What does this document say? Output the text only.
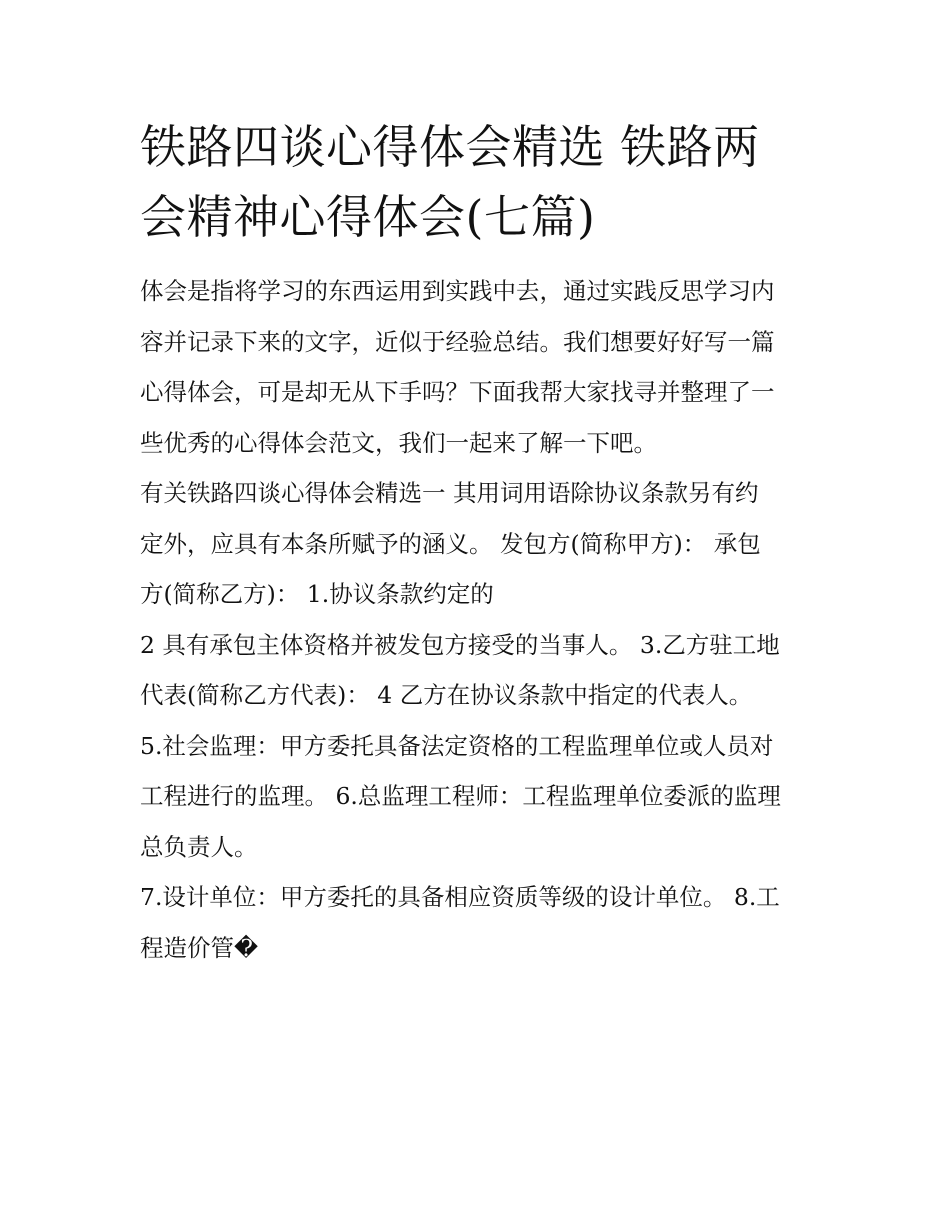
铁路四谈心得体会精选 铁路两
会精神心得体会(七篇)

体会是指将学习的东西运用到实践中去，通过实践反思学习内
容并记录下来的文字，近似于经验总结。我们想要好好写一篇
心得体会，可是却无从下手吗？下面我帮大家找寻并整理了一
些优秀的心得体会范文，我们一起来了解一下吧。

有关铁路四谈心得体会精选一 其用词用语除协议条款另有约
定外，应具有本条所赋予的涵义。 发包方(简称甲方)： 承包
方(简称乙方)： 1.协议条款约定的

2 具有承包主体资格并被发包方接受的当事人。 3.乙方驻工地
代表(简称乙方代表)： 4 乙方在协议条款中指定的代表人。

5.社会监理：甲方委托具备法定资格的工程监理单位或人员对
工程进行的监理。 6.总监理工程师：工程监理单位委派的监理
总负责人。

7.设计单位：甲方委托的具备相应资质等级的设计单位。 8.工
程造价管�
